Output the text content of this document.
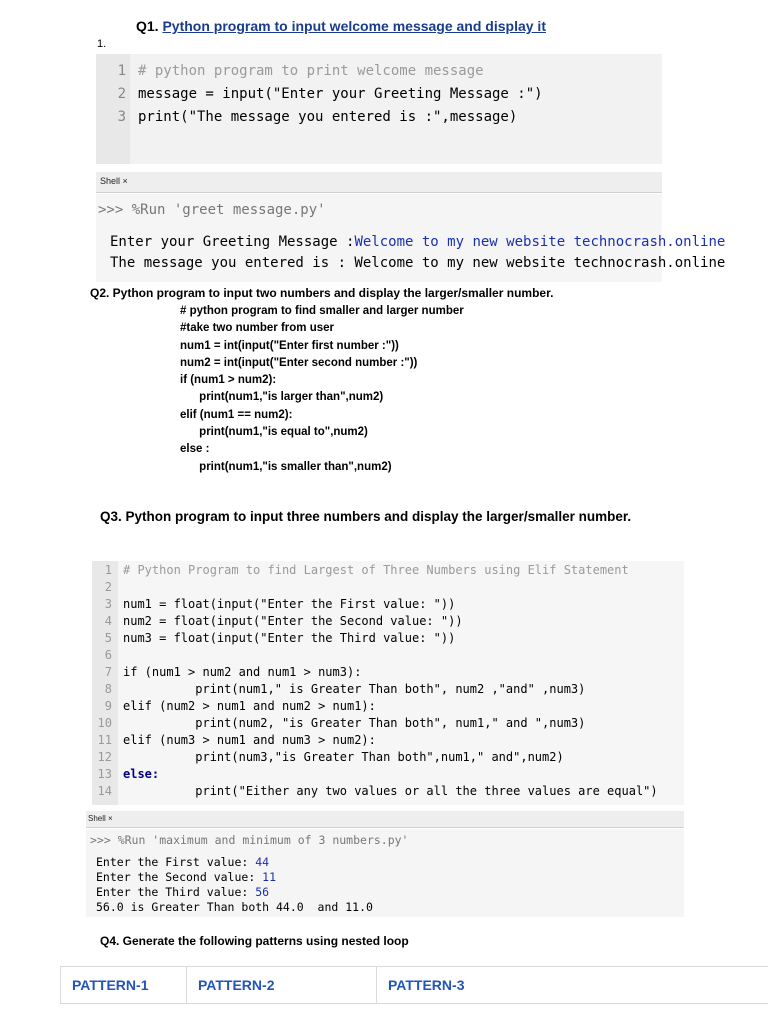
Q1. Python program to input welcome message and display it
1.
1 # python program to print welcome message
2 message = input("Enter your Greeting Message :")
3 print("The message you entered is :",message)
Shell ×
>>> %Run 'greet message.py'
Enter your Greeting Message :Welcome to my new website technocrash.online
The message you entered is : Welcome to my new website technocrash.online
Q2. Python program to input two numbers and display the larger/smaller number.
# python program to find smaller and larger number
#take two number from user
num1 = int(input("Enter first number :"))
num2 = int(input("Enter second number :"))
if (num1 > num2):
print(num1,"is larger than",num2)
elif (num1 == num2):
print(num1,"is equal to",num2)
else :
print(num1,"is smaller than",num2)
Q3. Python program to input three numbers and display the larger/smaller number.
1 # Python Program to find Largest of Three Numbers using Elif Statement
2
3 num1 = float(input("Enter the First value: "))
4 num2 = float(input("Enter the Second value: "))
5 num3 = float(input("Enter the Third value: "))
6
7 if (num1 > num2 and num1 > num3):
8 print(num1," is Greater Than both", num2 ,"and" ,num3)
9 elif (num2 > num1 and num2 > num1):
10 print(num2, "is Greater Than both", num1," and ",num3)
11 elif (num3 > num1 and num3 > num2):
12 print(num3,"is Greater Than both",num1," and",num2)
13 else:
14 print("Either any two values or all the three values are equal")
Shell ×
>>> %Run 'maximum and minimum of 3 numbers.py'
Enter the First value: 44
Enter the Second value: 11
Enter the Third value: 56
56.0 is Greater Than both 44.0  and 11.0
Q4. Generate the following patterns using nested loop
PATTERN-1	PATTERN-2	PATTERN-3
